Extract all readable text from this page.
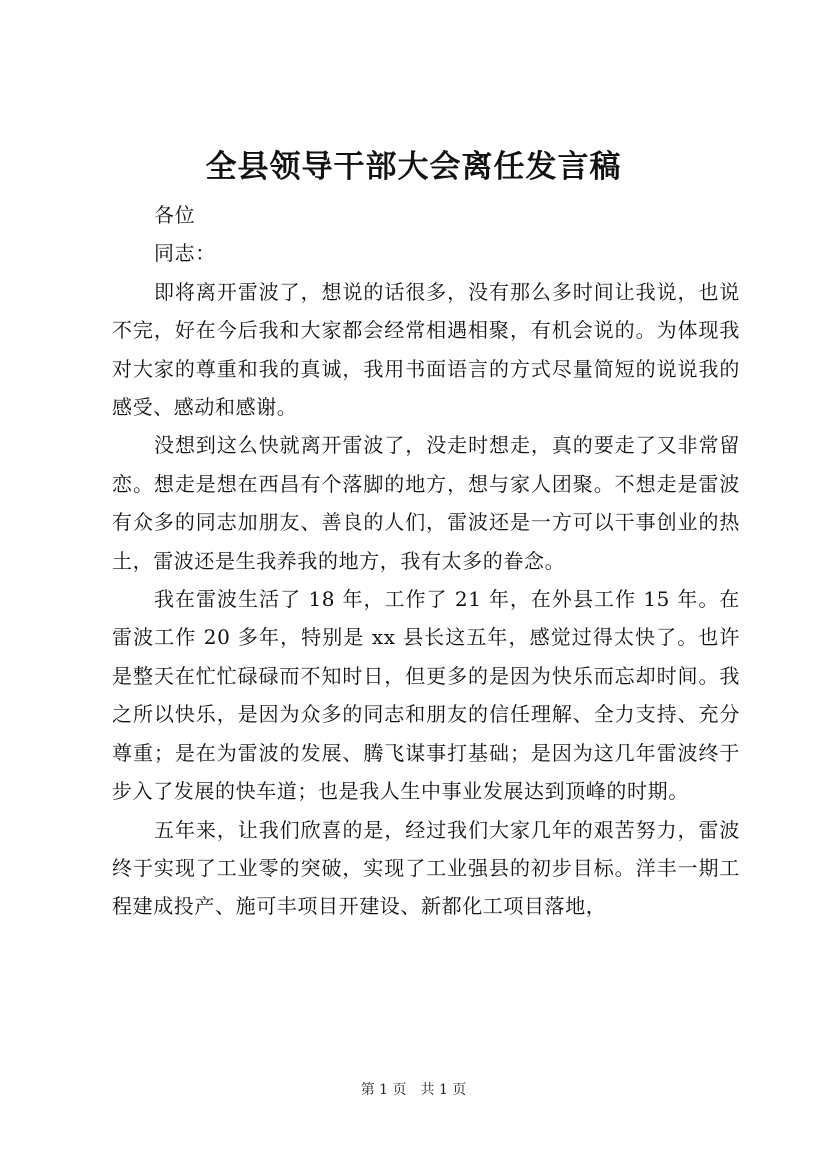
全县领导干部大会离任发言稿

各位

同志：

即将离开雷波了，想说的话很多，没有那么多时间让我说，也说不完，好在今后我和大家都会经常相遇相聚，有机会说的。为体现我对大家的尊重和我的真诚，我用书面语言的方式尽量简短的说说我的感受、感动和感谢。

没想到这么快就离开雷波了，没走时想走，真的要走了又非常留恋。想走是想在西昌有个落脚的地方，想与家人团聚。不想走是雷波有众多的同志加朋友、善良的人们，雷波还是一方可以干事创业的热土，雷波还是生我养我的地方，我有太多的眷念。

我在雷波生活了 18 年，工作了 21 年，在外县工作 15 年。在雷波工作 20 多年，特别是 xx 县长这五年，感觉过得太快了。也许是整天在忙忙碌碌而不知时日，但更多的是因为快乐而忘却时间。我之所以快乐，是因为众多的同志和朋友的信任理解、全力支持、充分尊重；是在为雷波的发展、腾飞谋事打基础；是因为这几年雷波终于步入了发展的快车道；也是我人生中事业发展达到顶峰的时期。

五年来，让我们欣喜的是，经过我们大家几年的艰苦努力，雷波终于实现了工业零的突破，实现了工业强县的初步目标。洋丰一期工程建成投产、施可丰项目开建设、新都化工项目落地，

第 1 页 共 1 页
